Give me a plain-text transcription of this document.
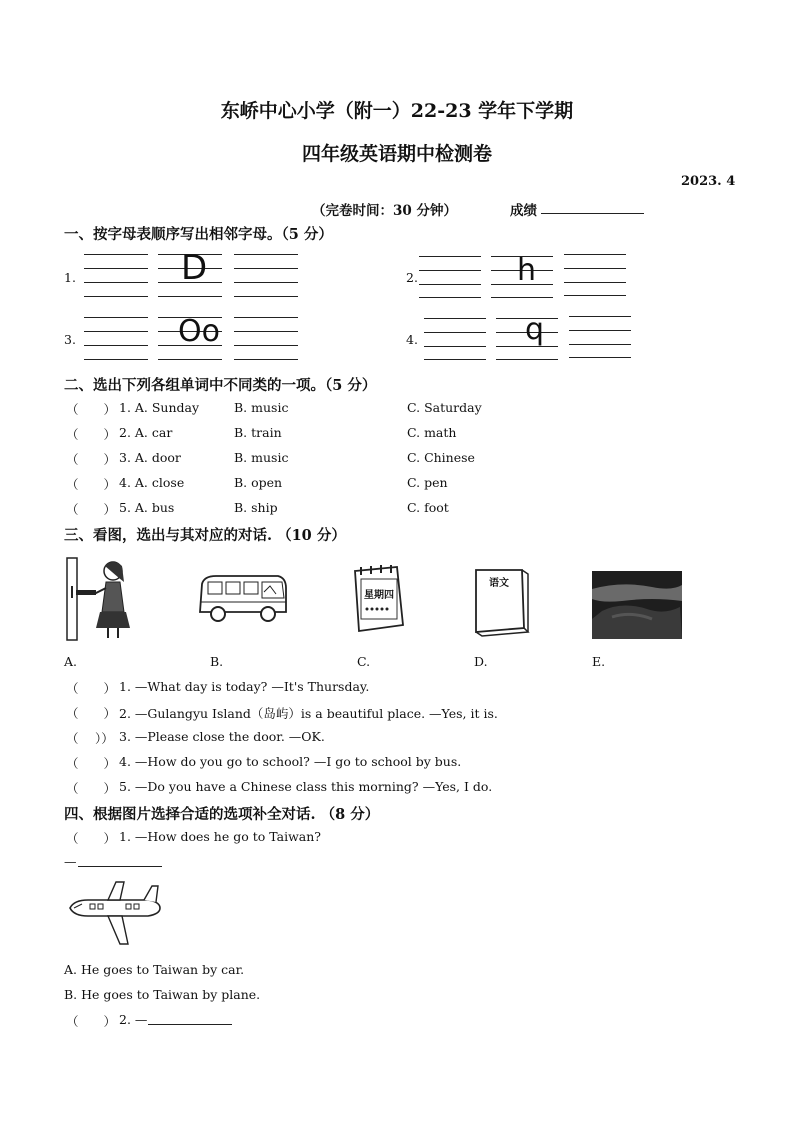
东峤中心小学（附一）22-23 学年下学期
四年级英语期中检测卷
2023. 4
（完卷时间：30 分钟）	成绩
一、按字母表顺序写出相邻字母。（5 分）
1.	D	2.	h
3.	Oo	4.	q
二、选出下列各组单词中不同类的一项。（5 分）
（　　） 1. A. Sunday	B. music	C. Saturday
（　　） 2. A. car	B. train	C. math
（　　） 3. A. door	B. music	C. Chinese
（　　） 4. A. close	B. open	C. pen
（　　） 5. A. bus	B. ship	C. foot
三、看图，选出与其对应的对话. （10 分）
A.	B.
星期四
C.
语文
D.	E.
（　　） 1. —What day is today? —It's Thursday.
（　　） 2. —Gulangyu Island（岛屿）is a beautiful place. —Yes, it is.
（　 ）） 3. —Please close the door. —OK.
（　　） 4. —How do you go to school? —I go to school by bus.
（　　） 5. —Do you have a Chinese class this morning? —Yes, I do.
四、根据图片选择合适的选项补全对话. （8 分）
（　　） 1. —How does he go to Taiwan?
—
A. He goes to Taiwan by car.
B. He goes to Taiwan by plane.
（　　） 2. —
